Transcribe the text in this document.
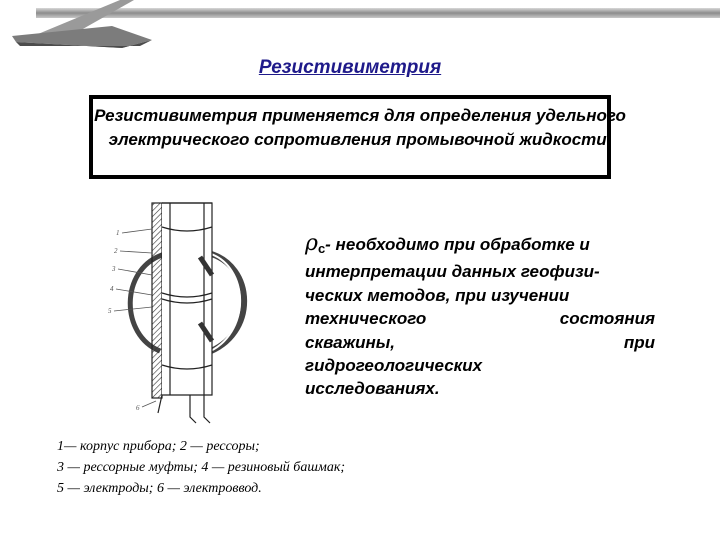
Резистивиметрия
Резистивиметрия применяется для определения удельного
электрического сопротивления промывочной жидкости.
1
2
3
4
5
6
ρс- необходимо при обработке и
интерпретации данных геофизи-
ческих методов, при изучении
технического	состояния
скважины,	при
гидрогеологических
исследованиях.
1— корпус прибора; 2 — рессоры;
3 — рессорные муфты; 4 — резиновый башмак;
5 — электроды; 6 — электроввод.
